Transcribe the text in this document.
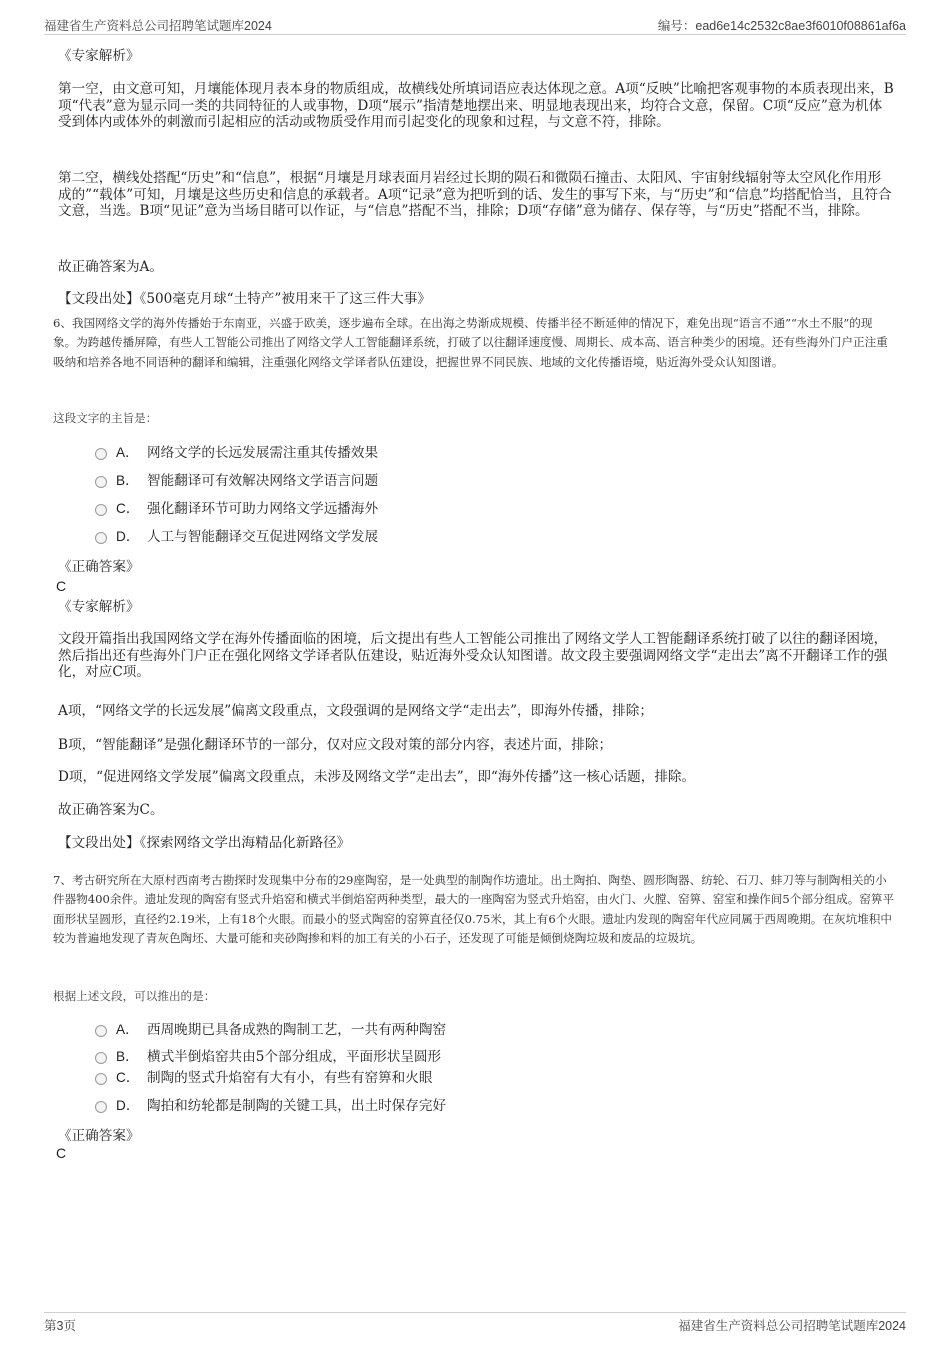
福建省生产资料总公司招聘笔试题库2024	编号：ead6e14c2532c8ae3f6010f08861af6a
《专家解析》
第一空，由文意可知，月壤能体现月表本身的物质组成，故横线处所填词语应表达体现之意。A项“反映”比喻把客观事物的本质表现出来，B项“代表”意为显示同一类的共同特征的人或事物，D项“展示”指清楚地摆出来、明显地表现出来，均符合文意，保留。C项“反应”意为机体受到体内或体外的刺激而引起相应的活动或物质受作用而引起变化的现象和过程，与文意不符，排除。
第二空，横线处搭配“历史”和“信息”，根据“月壤是月球表面月岩经过长期的陨石和微陨石撞击、太阳风、宇宙射线辐射等太空风化作用形成的”“载体”可知，月壤是这些历史和信息的承载者。A项“记录”意为把听到的话、发生的事写下来，与“历史”和“信息”均搭配恰当，且符合文意，当选。B项“见证”意为当场目睹可以作证，与“信息”搭配不当，排除；D项“存储”意为储存、保存等，与“历史”搭配不当，排除。
故正确答案为A。
【文段出处】《500毫克月球“土特产”被用来干了这三件大事》
6、我国网络文学的海外传播始于东南亚，兴盛于欧美，逐步遍布全球。在出海之势渐成规模、传播半径不断延伸的情况下，难免出现“语言不通”“水土不服”的现象。为跨越传播屏障，有些人工智能公司推出了网络文学人工智能翻译系统，打破了以往翻译速度慢、周期长、成本高、语言种类少的困境。还有些海外门户正注重吸纳和培养各地不同语种的翻译和编辑，注重强化网络文学译者队伍建设，把握世界不同民族、地域的文化传播语境，贴近海外受众认知图谱。
这段文字的主旨是：
A． 网络文学的长远发展需注重其传播效果
B． 智能翻译可有效解决网络文学语言问题
C． 强化翻译环节可助力网络文学远播海外
D． 人工与智能翻译交互促进网络文学发展
《正确答案》
C
《专家解析》
文段开篇指出我国网络文学在海外传播面临的困境，后文提出有些人工智能公司推出了网络文学人工智能翻译系统打破了以往的翻译困境，然后指出还有些海外门户正在强化网络文学译者队伍建设，贴近海外受众认知图谱。故文段主要强调网络文学“走出去”离不开翻译工作的强化，对应C项。
A项，“网络文学的长远发展”偏离文段重点，文段强调的是网络文学“走出去”，即海外传播，排除；
B项，“智能翻译”是强化翻译环节的一部分，仅对应文段对策的部分内容，表述片面，排除；
D项，“促进网络文学发展”偏离文段重点，未涉及网络文学“走出去”，即“海外传播”这一核心话题，排除。
故正确答案为C。
【文段出处】《探索网络文学出海精品化新路径》
7、考古研究所在大原村西南考古勘探时发现集中分布的29座陶窑，是一处典型的制陶作坊遗址。出土陶拍、陶垫、圆形陶器、纺轮、石刀、蚌刀等与制陶相关的小件器物400余件。遗址发现的陶窑有竖式升焰窑和横式半倒焰窑两种类型，最大的一座陶窑为竖式升焰窑，由火门、火膛、窑箅、窑室和操作间5个部分组成。窑箅平面形状呈圆形，直径约2.19米，上有18个火眼。而最小的竖式陶窑的窑箅直径仅0.75米，其上有6个火眼。遗址内发现的陶窑年代应同属于西周晚期。在灰坑堆积中较为普遍地发现了青灰色陶坯、大量可能和夹砂陶掺和料的加工有关的小石子，还发现了可能是倾倒烧陶垃圾和废品的垃圾坑。
根据上述文段，可以推出的是：
A． 西周晚期已具备成熟的陶制工艺，一共有两种陶窑
B． 横式半倒焰窑共由5个部分组成，平面形状呈圆形
C． 制陶的竖式升焰窑有大有小，有些有窑箅和火眼
D． 陶拍和纺轮都是制陶的关键工具，出土时保存完好
《正确答案》
C
第3页	福建省生产资料总公司招聘笔试题库2024
